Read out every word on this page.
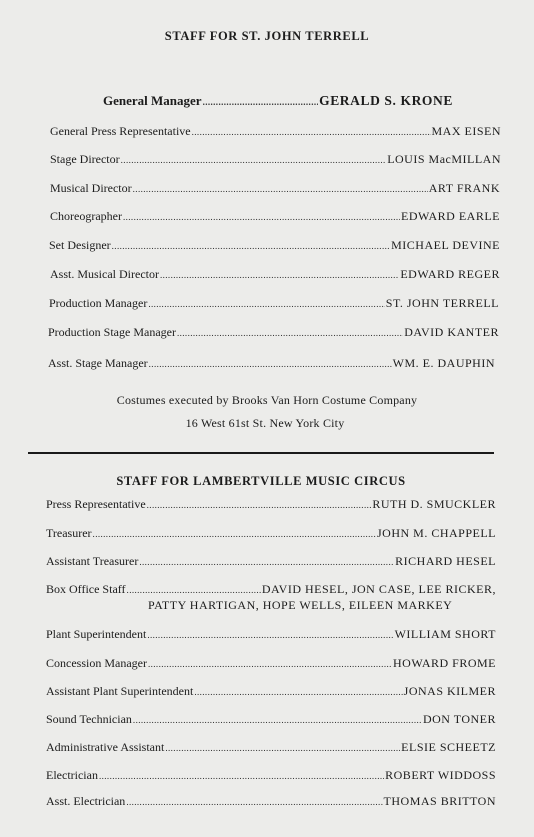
STAFF FOR ST. JOHN TERRELL
General Manager .....	GERALD S. KRONE
General Press Representative .....	MAX EISEN
Stage Director .....	LOUIS MacMILLAN
Musical Director .....	ART FRANK
Choreographer .....	EDWARD EARLE
Set Designer .....	MICHAEL DEVINE
Asst. Musical Director .....	EDWARD REGER
Production Manager .....	ST. JOHN TERRELL
Production Stage Manager .....	DAVID KANTER
Asst. Stage Manager .....	WM. E. DAUPHIN
Costumes executed by Brooks Van Horn Costume Company
16 West 61st St. New York City
STAFF FOR LAMBERTVILLE MUSIC CIRCUS
Press Representative .....	RUTH D. SMUCKLER
Treasurer .....	JOHN M. CHAPPELL
Assistant Treasurer .....	RICHARD HESEL
Box Office Staff .....	DAVID HESEL, JON CASE, LEE RICKER,
PATTY HARTIGAN, HOPE WELLS, EILEEN MARKEY
Plant Superintendent .....	WILLIAM SHORT
Concession Manager .....	HOWARD FROME
Assistant Plant Superintendent .....	JONAS KILMER
Sound Technician .....	DON TONER
Administrative Assistant .....	ELSIE SCHEETZ
Electrician .....	ROBERT WIDDOSS
Asst. Electrician .....	THOMAS BRITTON
